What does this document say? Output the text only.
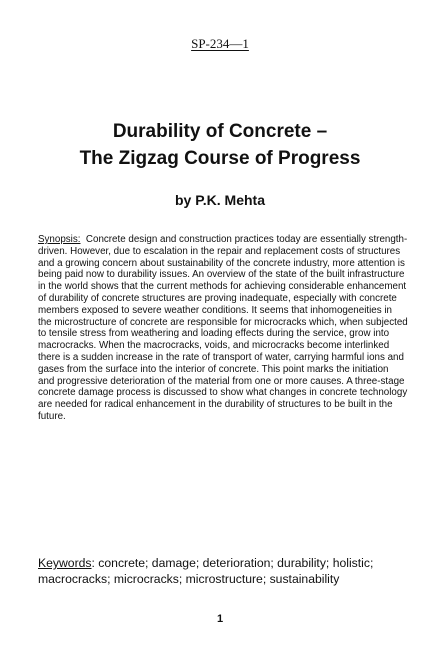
SP-234—1
Durability of Concrete –
The Zigzag Course of Progress
by P.K. Mehta

Synopsis:  Concrete design and construction practices today are essentially strength-
driven. However, due to escalation in the repair and replacement costs of structures
and a growing concern about sustainability of the concrete industry, more attention is
being paid now to durability issues. An overview of the state of the built infrastructure
in the world shows that the current methods for achieving considerable enhancement
of durability of concrete structures are proving inadequate, especially with concrete
members exposed to severe weather conditions. It seems that inhomogeneities in
the microstructure of concrete are responsible for microcracks which, when subjected
to tensile stress from weathering and loading effects during the service, grow into
macrocracks. When the macrocracks, voids, and microcracks become interlinked
there is a sudden increase in the rate of transport of water, carrying harmful ions and
gases from the surface into the interior of concrete. This point marks the initiation
and progressive deterioration of the material from one or more causes. A three-stage
concrete damage process is discussed to show what changes in concrete technology
are needed for radical enhancement in the durability of structures to be built in the
future.

Keywords: concrete; damage; deterioration; durability; holistic;
macrocracks; microcracks; microstructure; sustainability

1
